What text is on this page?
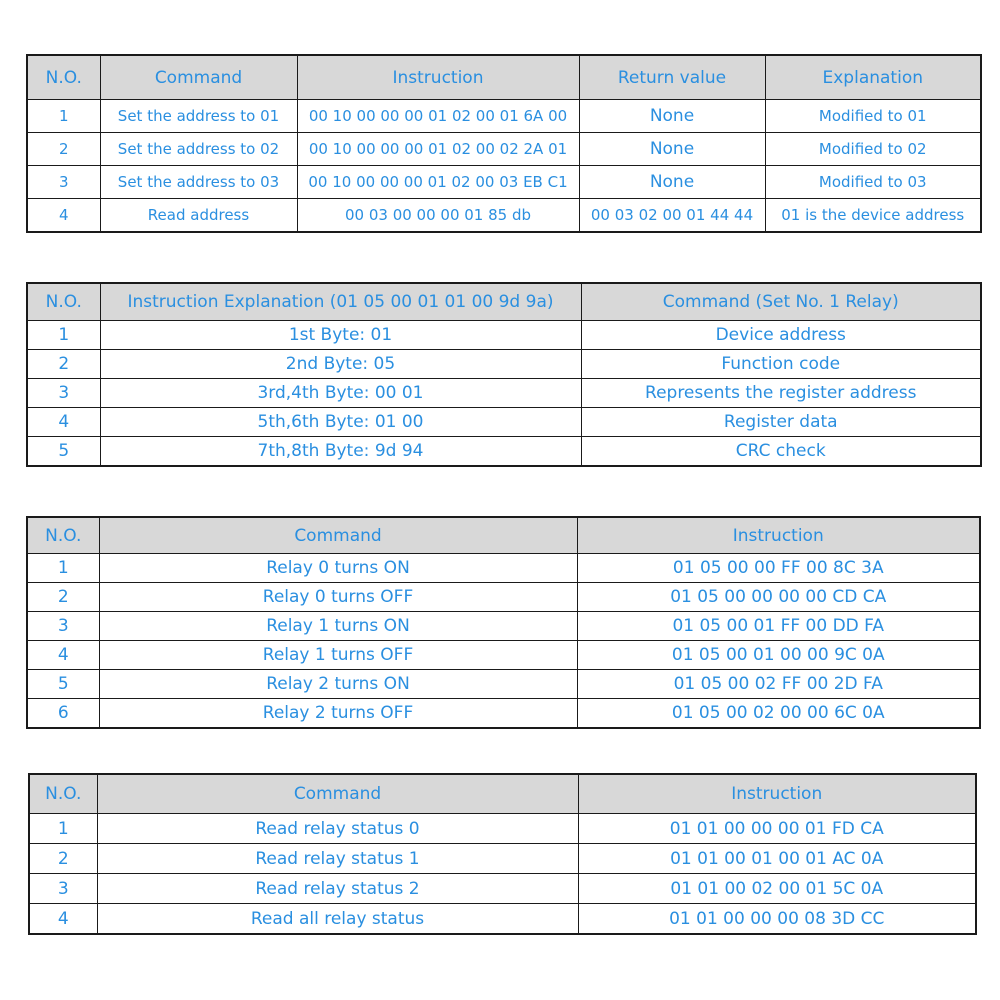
N.O.	Command	Instruction	Return value	Explanation
1	Set the address to 01	00 10 00 00 00 01 02 00 01 6A 00	None	Modified to 01
2	Set the address to 02	00 10 00 00 00 01 02 00 02 2A 01	None	Modified to 02
3	Set the address to 03	00 10 00 00 00 01 02 00 03 EB C1	None	Modified to 03
4	Read address	00 03 00 00 00 01 85 db	00 03 02 00 01 44 44	01 is the device address
N.O.	Instruction Explanation (01 05 00 01 01 00 9d 9a)	Command (Set No. 1 Relay)
1	1st Byte: 01	Device address
2	2nd Byte: 05	Function code
3	3rd,4th Byte: 00 01	Represents the register address
4	5th,6th Byte: 01 00	Register data
5	7th,8th Byte: 9d 94	CRC check
N.O.	Command	Instruction
1	Relay 0 turns ON	01 05 00 00 FF 00 8C 3A
2	Relay 0 turns OFF	01 05 00 00 00 00 CD CA
3	Relay 1 turns ON	01 05 00 01 FF 00 DD FA
4	Relay 1 turns OFF	01 05 00 01 00 00 9C 0A
5	Relay 2 turns ON	01 05 00 02 FF 00 2D FA
6	Relay 2 turns OFF	01 05 00 02 00 00 6C 0A
N.O.	Command	Instruction
1	Read relay status 0	01 01 00 00 00 01 FD CA
2	Read relay status 1	01 01 00 01 00 01 AC 0A
3	Read relay status 2	01 01 00 02 00 01 5C 0A
4	Read all relay status	01 01 00 00 00 08 3D CC
